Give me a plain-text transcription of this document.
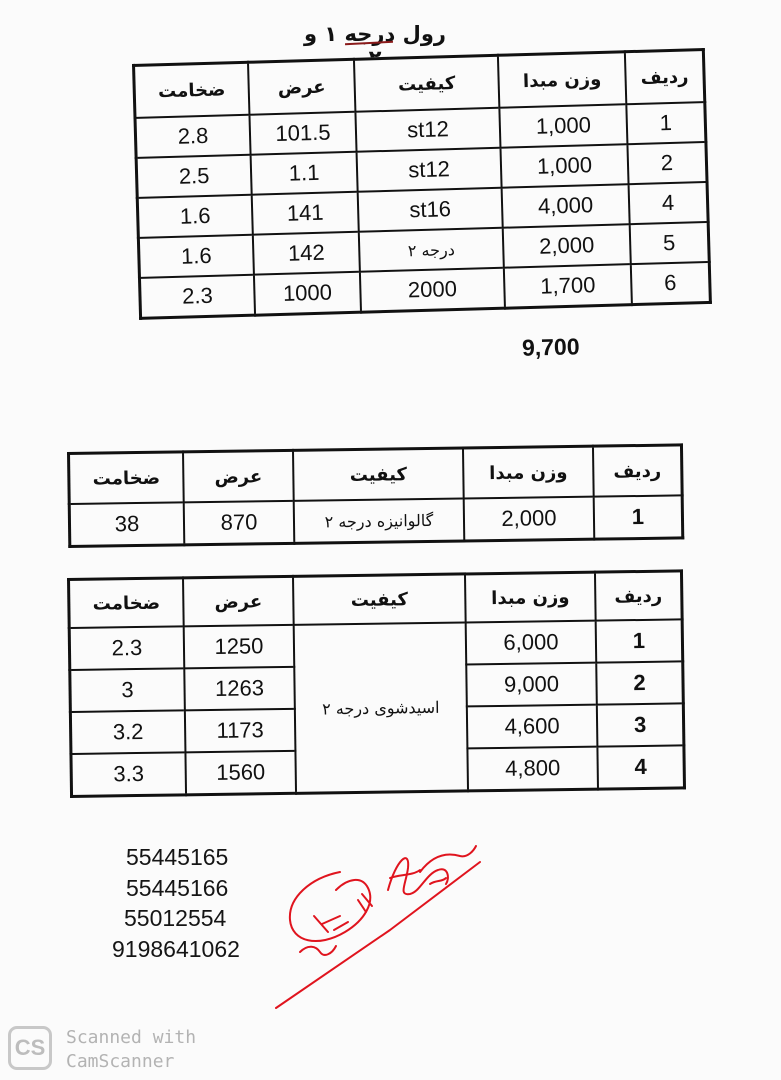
رول درجه ۱ و
ردیف	وزن مبدا	کیفیت	عرض	ضخامت
1	1,000	st12	101.5	2.8
2	1,000	st12	1.1	2.5
4	4,000	st16	141	1.6
5	2,000	درجه ۲	142	1.6
6	1,700	2000	1000	2.3
9,700
ردیف	وزن مبدا	کیفیت	عرض	ضخامت
1	2,000	گالوانیزه درجه ۲	870	38
ردیف	وزن مبدا	کیفیت	عرض	ضخامت
1	6,000	اسیدشوی درجه ۲	1250	2.3
2	9,000		1263	3
3	4,600		1173	3.2
4	4,800		1560	3.3
55445165
55445166
55012554
9198641062
CS	Scanned with
CamScanner
